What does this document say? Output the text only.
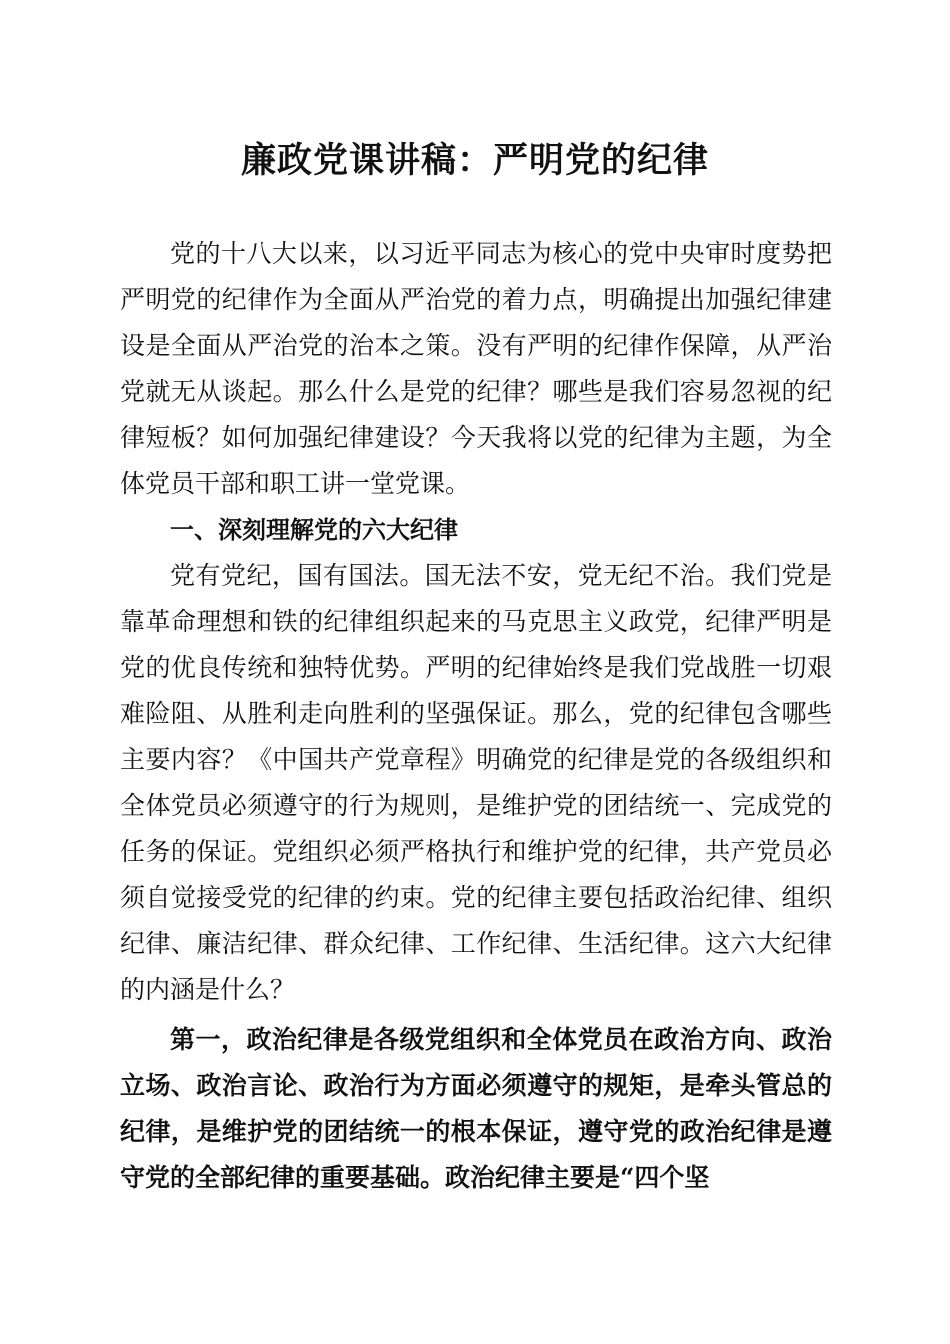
廉政党课讲稿：严明党的纪律

党的十八大以来，以习近平同志为核心的党中央审时度势把严明党的纪律作为全面从严治党的着力点，明确提出加强纪律建设是全面从严治党的治本之策。没有严明的纪律作保障，从严治党就无从谈起。那么什么是党的纪律？哪些是我们容易忽视的纪律短板？如何加强纪律建设？今天我将以党的纪律为主题，为全体党员干部和职工讲一堂党课。

一、深刻理解党的六大纪律

党有党纪，国有国法。国无法不安，党无纪不治。我们党是靠革命理想和铁的纪律组织起来的马克思主义政党，纪律严明是党的优良传统和独特优势。严明的纪律始终是我们党战胜一切艰难险阻、从胜利走向胜利的坚强保证。那么，党的纪律包含哪些主要内容？《中国共产党章程》明确党的纪律是党的各级组织和全体党员必须遵守的行为规则，是维护党的团结统一、完成党的任务的保证。党组织必须严格执行和维护党的纪律，共产党员必须自觉接受党的纪律的约束。党的纪律主要包括政治纪律、组织纪律、廉洁纪律、群众纪律、工作纪律、生活纪律。这六大纪律的内涵是什么？

第一，政治纪律是各级党组织和全体党员在政治方向、政治立场、政治言论、政治行为方面必须遵守的规矩，是牵头管总的纪律，是维护党的团结统一的根本保证，遵守党的政治纪律是遵守党的全部纪律的重要基础。政治纪律主要是“四个坚
